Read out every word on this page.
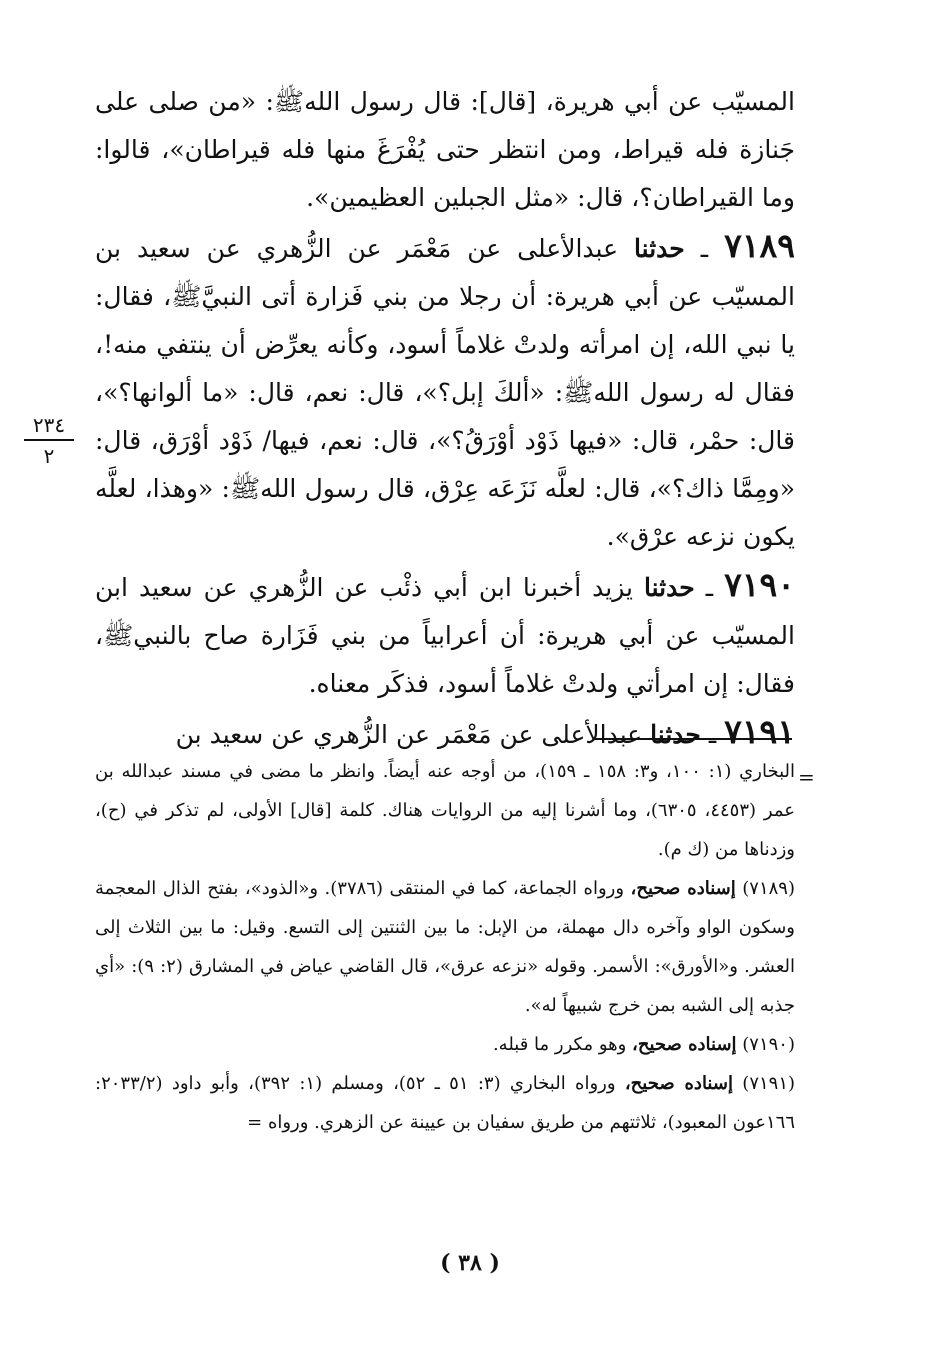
المسيّب عن أبي هريرة، [قال]: قال رسول اللهﷺ: «من صلى على جَنازة فله قيراط، ومن انتظر حتى يُفْرَغَ منها فله قيراطان»، قالوا: وما القيراطان؟، قال: «مثل الجبلين العظيمين».

٧١٨٩ ـ حدثنا عبدالأعلى عن مَعْمَر عن الزُّهري عن سعيد بن المسيّب عن أبي هريرة: أن رجلا من بني فَزارة أتى النبيَّﷺ، فقال: يا نبي الله، إن امرأته ولدتْ غلاماً أسود، وكأنه يعرِّض أن ينتفي منه!، فقال له رسول اللهﷺ: «ألكَ إبل؟»، قال: نعم، قال: «ما ألوانها؟»، قال: حمْر، قال: «فيها ذَوْد أوْرَقُ؟»، قال: نعم، فيها/ ذَوْد أوْرَق، قال: «ومِمَّا ذاك؟»، قال: لعلَّه نَزَعَه عِرْق، قال رسول اللهﷺ: «وهذا، لعلَّه يكون نزعه عرْق».

٧١٩٠ ـ حدثنا يزيد أخبرنا ابن أبي ذئْب عن الزُّهري عن سعيد ابن المسيّب عن أبي هريرة: أن أعرابياً من بني فَزَارة صاح بالنبيﷺ، فقال: إن امرأتي ولدتْ غلاماً أسود، فذكَر معناه.

٧١٩١ ـ حدثنا عبدالأعلى عن مَعْمَر عن الزُّهري عن سعيد بن

٢٣٤
٢
=

البخاري (١: ١٠٠، و٣: ١٥٨ ـ ١٥٩)، من أوجه عنه أيضاً. وانظر ما مضى في مسند عبدالله بن عمر (٤٤٥٣، ٦٣٠٥)، وما أشرنا إليه من الروايات هناك. كلمة [قال] الأولى، لم تذكر في (ح)، وزدناها من (ك م).

(٧١٨٩) إسناده صحيح، ورواه الجماعة، كما في المنتقى (٣٧٨٦). و«الذود»، بفتح الذال المعجمة وسكون الواو وآخره دال مهملة، من الإبل: ما بين الثنتين إلى التسع. وقيل: ما بين الثلاث إلى العشر. و«الأورق»: الأسمر. وقوله «نزعه عرق»، قال القاضي عياض في المشارق (٢: ٩): «أي جذبه إلى الشبه بمن خرج شبيهاً له».

(٧١٩٠) إسناده صحيح، وهو مكرر ما قبله.

(٧١٩١) إسناده صحيح، ورواه البخاري (٣: ٥١ ـ ٥٢)، ومسلم (١: ٣٩٢)، وأبو داود (٢٠٣٣/٢: ١٦٦عون المعبود)، ثلاثتهم من طريق سفيان بن عيينة عن الزهري. ورواه =

( ٣٨ )
